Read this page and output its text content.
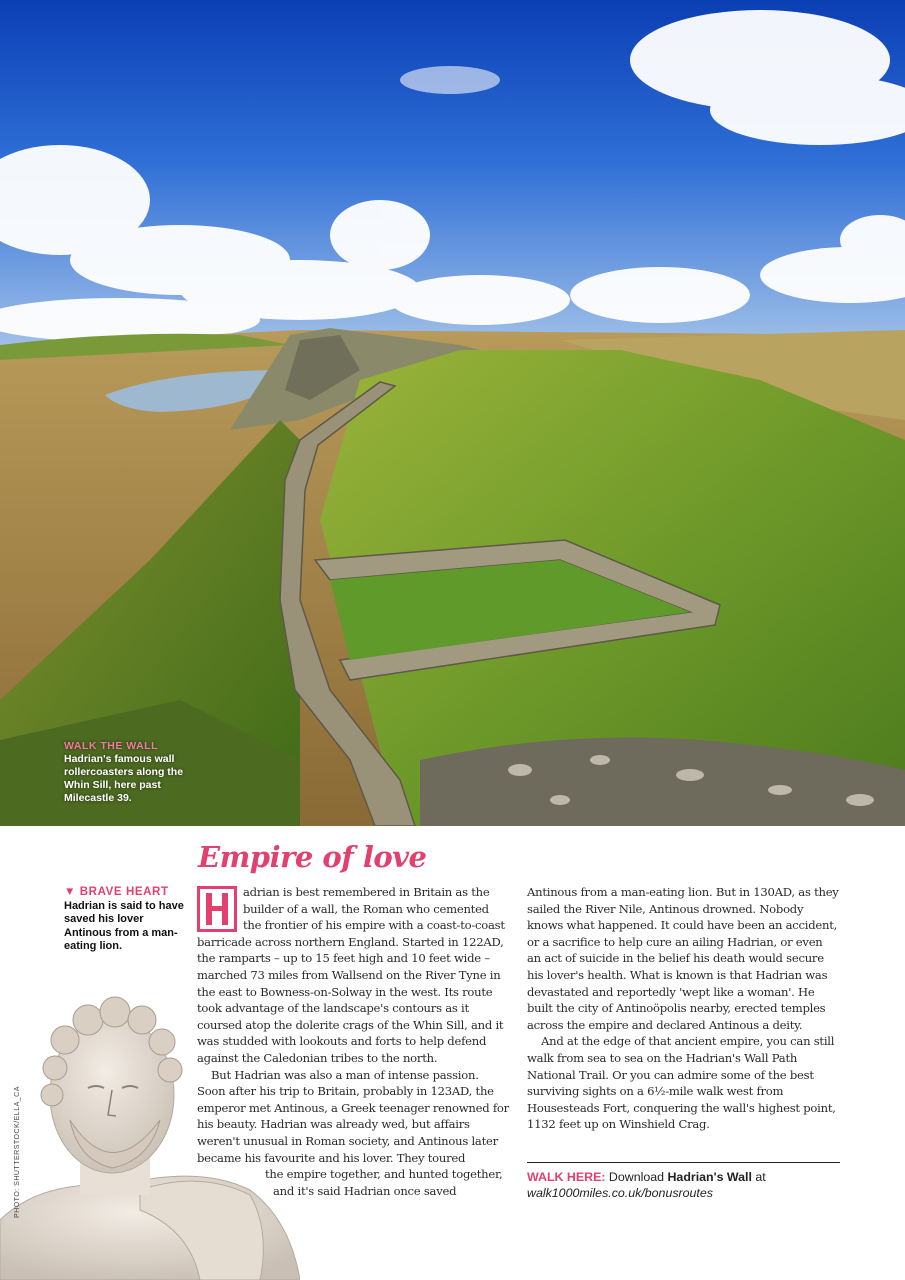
WALK THE WALL
Hadrian's famous wall rollercoasters along the Whin Sill, here past Milecastle 39.
Empire of love
▼ BRAVE HEART
Hadrian is said to have saved his lover Antinous from a man-eating lion.
PHOTO: SHUTTERSTOCK/ELLA_CA

adrian is best remembered in Britain as the builder of a wall, the Roman who cemented the frontier of his empire with a coast-to-coast barricade across northern England. Started in 122AD, the ramparts – up to 15 feet high and 10 feet wide – marched 73 miles from Wallsend on the River Tyne in the east to Bowness-on-Solway in the west. Its route took advantage of the landscape's contours as it coursed atop the dolerite crags of the Whin Sill, and it was studded with lookouts and forts to help defend against the Caledonian tribes to the north.

But Hadrian was also a man of intense passion. Soon after his trip to Britain, probably in 123AD, the emperor met Antinous, a Greek teenager renowned for his beauty. Hadrian was already wed, but affairs weren't unusual in Roman society, and Antinous later became his favourite and his lover. They toured

the empire together, and hunted together,
and it's said Hadrian once saved

Antinous from a man-eating lion. But in 130AD, as they sailed the River Nile, Antinous drowned. Nobody knows what happened. It could have been an accident, or a sacrifice to help cure an ailing Hadrian, or even an act of suicide in the belief his death would secure his lover's health. What is known is that Hadrian was devastated and reportedly 'wept like a woman'. He built the city of Antinoöpolis nearby, erected temples across the empire and declared Antinous a deity.

And at the edge of that ancient empire, you can still walk from sea to sea on the Hadrian's Wall Path National Trail. Or you can admire some of the best surviving sights on a 6½-mile walk west from Housesteads Fort, conquering the wall's highest point, 1132 feet up on Winshield Crag.

WALK HERE: Download Hadrian's Wall at
walk1000miles.co.uk/bonusroutes
